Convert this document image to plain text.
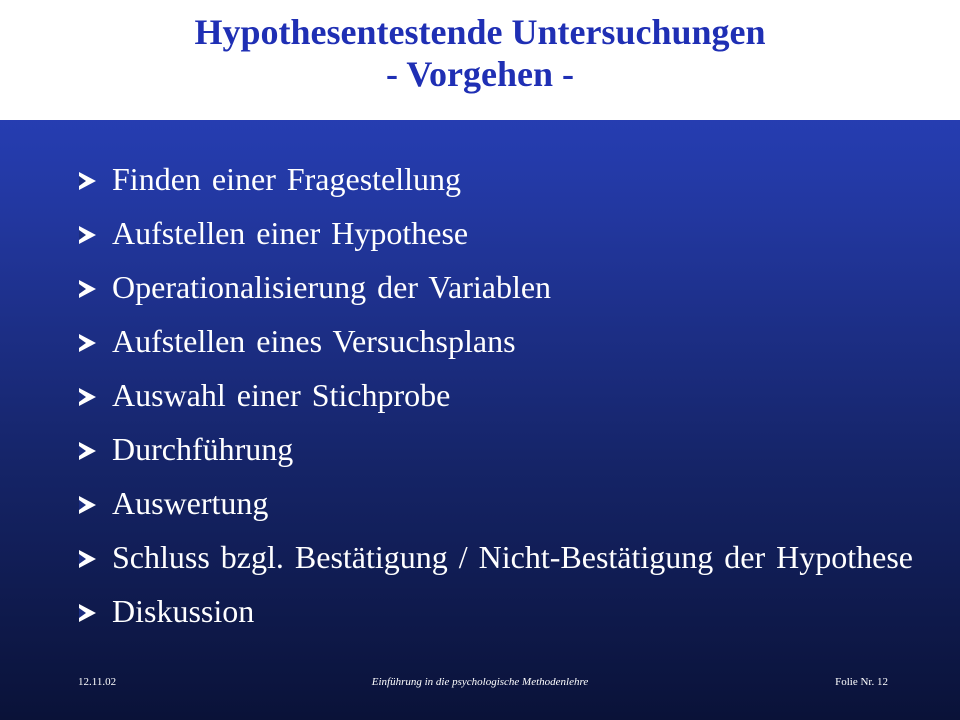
Hypothesentestende Untersuchungen
- Vorgehen -
Finden einer Fragestellung
Aufstellen einer Hypothese
Operationalisierung der Variablen
Aufstellen eines Versuchsplans
Auswahl einer Stichprobe
Durchführung
Auswertung
Schluss bzgl. Bestätigung / Nicht-Bestätigung der Hypothese
Diskussion
12.11.02	Einführung in die psychologische Methodenlehre	Folie Nr. 12
